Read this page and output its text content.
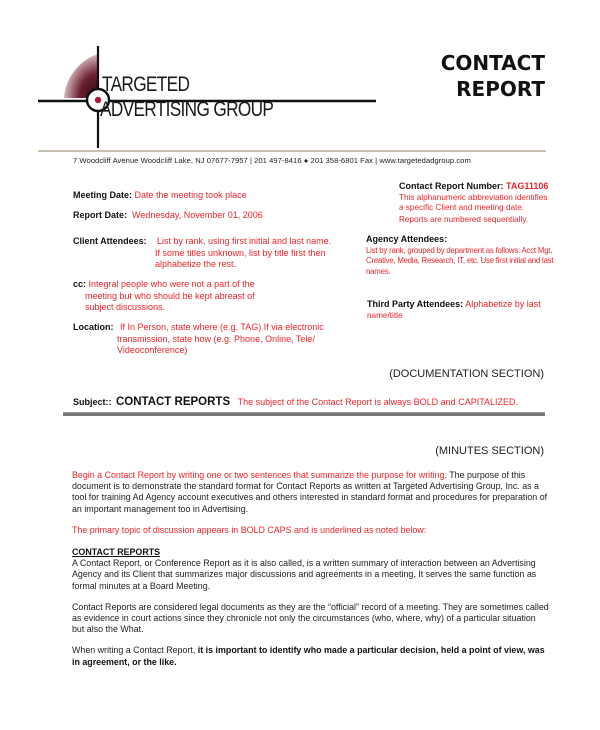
TARGETED
ADVERTISING GROUP
CONTACT
REPORT
7 Woodcliff Avenue Woodcliff Lake, NJ 07677-7957 | 201 497-8416 ● 201 358-6801 Fax | www.targetedadgroup.com
Meeting Date: Date the meeting took place
Report Date: Wednesday, November 01, 2006
Contact Report Number: TAG11106
This alphanumeric abbreviation identifies
a specific Client and meeting date.
Reports are numbered sequentially.
Client Attendees: List by rank, using first initial and last name.
If some titles unknown, list by title first then
alphabetize the rest.
Agency Attendees:
List by rank, grouped by department as follows: Acct Mgt,
Creative, Media, Research, IT, etc. Use first initial and last
names.
cc: Integral people who were not a part of the
meeting but who should be kept abreast of
subject discussions.	Third Party Attendees: Alphabetize by last
name/title
Location: If In Person, state where (e.g. TAG) If via electronic
transmission, state how (e.g. Phone, Online, Tele/
Videoconference)
(DOCUMENTATION SECTION)
Subject:: CONTACT REPORTS The subject of the Contact Report is always BOLD and CAPITALIZED.
(MINUTES SECTION)

Begin a Contact Report by writing one or two sentences that summarize the purpose for writing. The purpose of this document is to demonstrate the standard format for Contact Reports as written at Targeted Advertising Group, Inc. as a tool for training Ad Agency account executives and others interested in standard format and procedures for preparation of an important management too in Advertising.

The primary topic of discussion appears in BOLD CAPS and is underlined as noted below:

CONTACT REPORTS

A Contact Report, or Conference Report as it is also called, is a written summary of interaction between an Advertising Agency and its Client that summarizes major discussions and agreements in a meeting. It serves the same function as formal minutes at a Board Meeting.

Contact Reports are considered legal documents as they are the “official” record of a meeting. They are sometimes called as evidence in court actions since they chronicle not only the circumstances (who, where, why) of a particular situation but also the What.

When writing a Contact Report, it is important to identify who made a particular decision, held a point of view, was in agreement, or the like.
